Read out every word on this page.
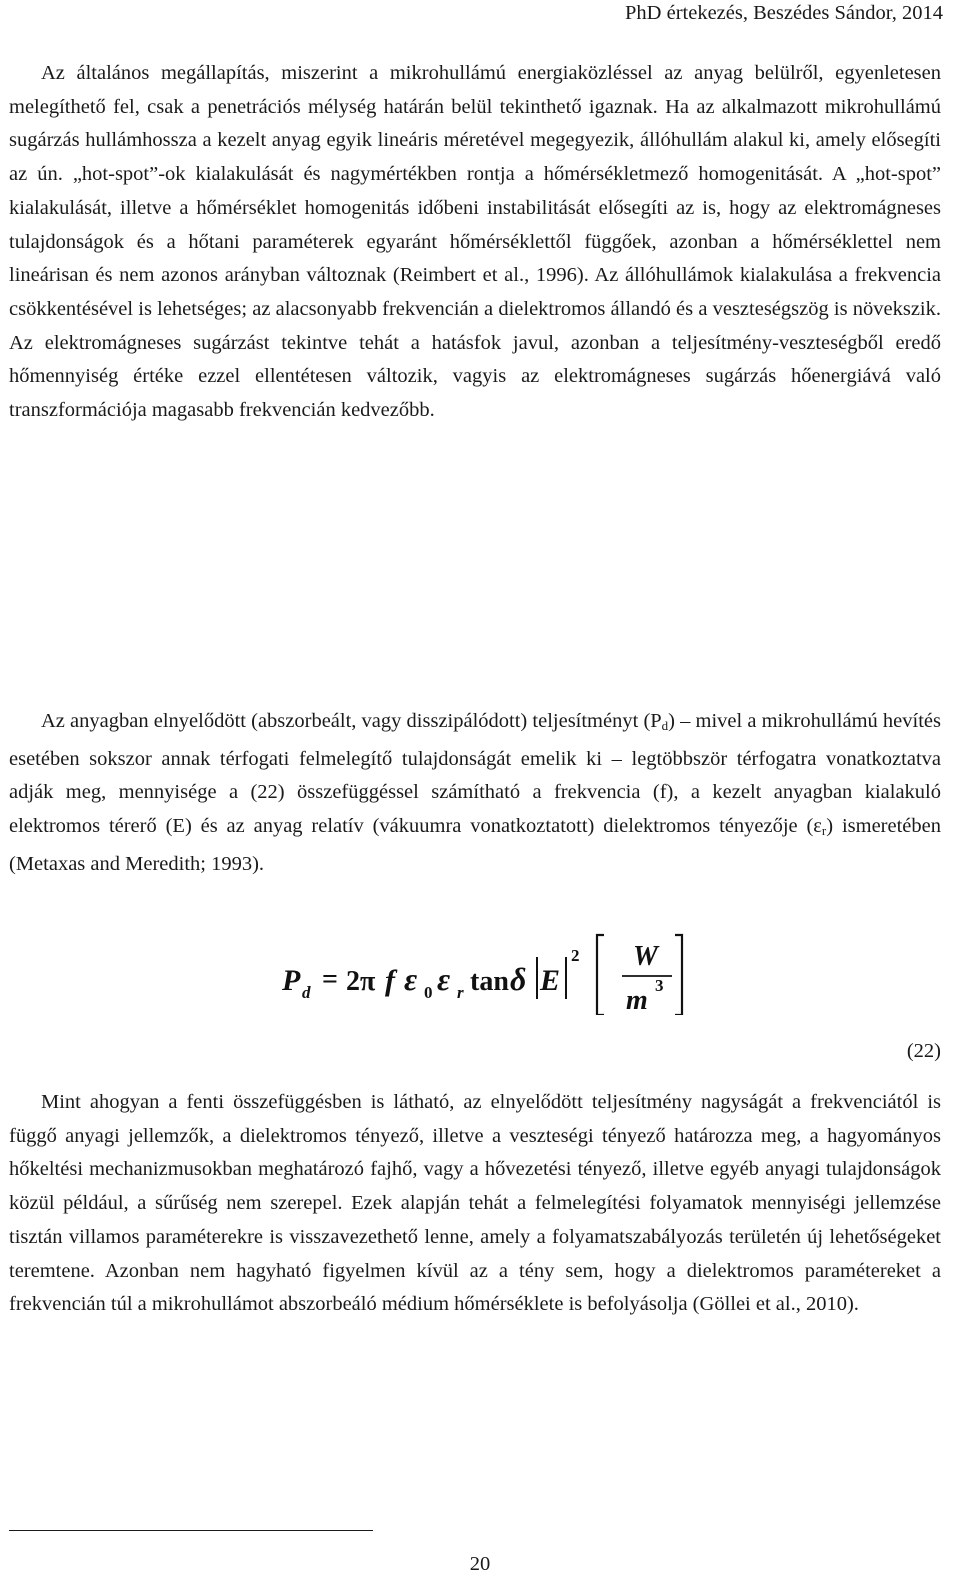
PhD értekezés, Beszédes Sándor, 2014

Az általános megállapítás, miszerint a mikrohullámú energiaközléssel az anyag belülről, egyenletesen melegíthető fel, csak a penetrációs mélység határán belül tekinthető igaznak. Ha az alkalmazott mikrohullámú sugárzás hullámhossza a kezelt anyag egyik lineáris méretével megegyezik, állóhullám alakul ki, amely elősegíti az ún. „hot-spot”-ok kialakulását és nagymértékben rontja a hőmérsékletmező homogenitását. A „hot-spot” kialakulását, illetve a hőmérséklet homogenitás időbeni instabilitását elősegíti az is, hogy az elektromágneses tulajdonságok és a hőtani paraméterek egyaránt hőmérséklettől függőek, azonban a hőmérséklettel nem lineárisan és nem azonos arányban változnak (Reimbert et al., 1996). Az állóhullámok kialakulása a frekvencia csökkentésével is lehetséges; az alacsonyabb frekvencián a dielektromos állandó és a veszteségszög is növekszik. Az elektromágneses sugárzást tekintve tehát a hatásfok javul, azonban a teljesítmény-veszteségből eredő hőmennyiség értéke ezzel ellentétesen változik, vagyis az elektromágneses sugárzás hőenergiává való transzformációja magasabb frekvencián kedvezőbb.

Az anyagban elnyelődött (abszorbeált, vagy disszipálódott) teljesítményt $(P_d)$ – mivel a mikrohullámú hevítés esetében sokszor annak térfogati felmelegítő tulajdonságát emelik ki – legtöbbször térfogatra vonatkoztatva adják meg, mennyisége a (22) összefüggéssel számítható a frekvencia (f), a kezelt anyagban kialakuló elektromos térerő (E) és az anyag relatív (vákuumra vonatkoztatott) dielektromos tényezője $(\varepsilon_r)$ ismeretében (Metaxas and Meredith; 1993).

P d = 2π f ε 0 ε r tan δ E
2 W
m 3
(22)

Mint ahogyan a fenti összefüggésben is látható, az elnyelődött teljesítmény nagyságát a frekvenciától is függő anyagi jellemzők, a dielektromos tényező, illetve a veszteségi tényező határozza meg, a hagyományos hőkeltési mechanizmusokban meghatározó fajhő, vagy a hővezetési tényező, illetve egyéb anyagi tulajdonságok közül például, a sűrűség nem szerepel. Ezek alapján tehát a felmelegítési folyamatok mennyiségi jellemzése tisztán villamos paraméterekre is visszavezethető lenne, amely a folyamatszabályozás területén új lehetőségeket teremtene. Azonban nem hagyható figyelmen kívül az a tény sem, hogy a dielektromos paramétereket a frekvencián túl a mikrohullámot abszorbeáló médium hőmérséklete is befolyásolja (Göllei et al., 2010).

20
